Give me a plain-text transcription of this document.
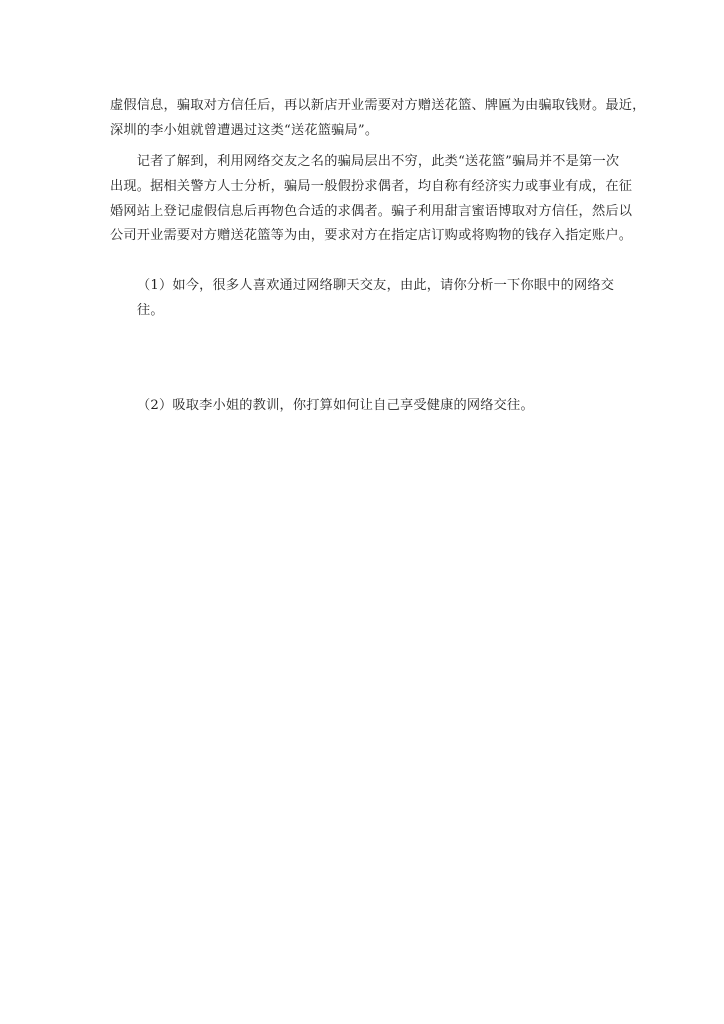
虚假信息，骗取对方信任后，再以新店开业需要对方赠送花篮、牌匾为由骗取钱财。最近，
深圳的李小姐就曾遭遇过这类“送花篮骗局”。

　　记者了解到，利用网络交友之名的骗局层出不穷，此类“送花篮”骗局并不是第一次
出现。据相关警方人士分析，骗局一般假扮求偶者，均自称有经济实力或事业有成，在征
婚网站上登记虚假信息后再物色合适的求偶者。骗子利用甜言蜜语博取对方信任，然后以
公司开业需要对方赠送花篮等为由，要求对方在指定店订购或将购物的钱存入指定账户。

（1）如今，很多人喜欢通过网络聊天交友，由此，请你分析一下你眼中的网络交往。

（2）吸取李小姐的教训，你打算如何让自己享受健康的网络交往。
